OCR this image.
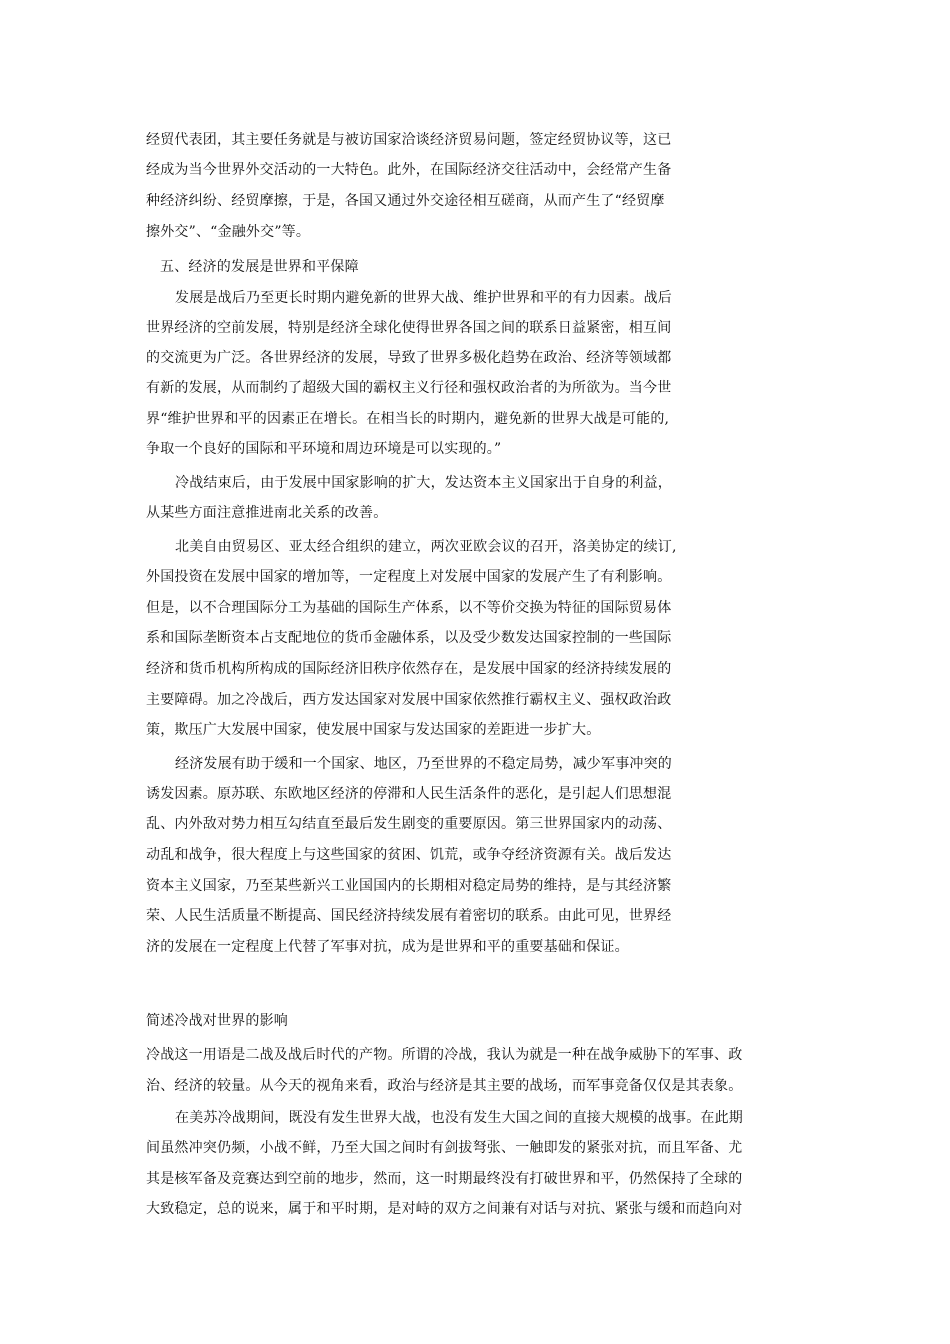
经贸代表团，其主要任务就是与被访国家洽谈经济贸易问题，签定经贸协议等，这已
经成为当今世界外交活动的一大特色。此外，在国际经济交往活动中，会经常产生备
种经济纠纷、经贸摩擦，于是，各国又通过外交途径相互磋商，从而产生了“经贸摩
擦外交”、“金融外交”等。
五、经济的发展是世界和平保障
发展是战后乃至更长时期内避免新的世界大战、维护世界和平的有力因素。战后
世界经济的空前发展，特别是经济全球化使得世界各国之间的联系日益紧密，相互间
的交流更为广泛。各世界经济的发展，导致了世界多极化趋势在政治、经济等领域都
有新的发展，从而制约了超级大国的霸权主义行径和强权政治者的为所欲为。当今世
界“维护世界和平的因素正在增长。在相当长的时期内，避免新的世界大战是可能的,
争取一个良好的国际和平环境和周边环境是可以实现的。”
冷战结束后，由于发展中国家影响的扩大，发达资本主义国家出于自身的利益，
从某些方面注意推进南北关系的改善。
北美自由贸易区、亚太经合组织的建立，两次亚欧会议的召开，洛美协定的续订,
外国投资在发展中国家的增加等，一定程度上对发展中国家的发展产生了有利影响。
但是，以不合理国际分工为基础的国际生产体系，以不等价交换为特征的国际贸易体
系和国际垄断资本占支配地位的货币金融体系，以及受少数发达国家控制的一些国际
经济和货币机构所构成的国际经济旧秩序依然存在，是发展中国家的经济持续发展的
主要障碍。加之冷战后，西方发达国家对发展中国家依然推行霸权主义、强权政治政
策，欺压广大发展中国家，使发展中国家与发达国家的差距进一步扩大。
经济发展有助于缓和一个国家、地区，乃至世界的不稳定局势，减少军事冲突的
诱发因素。原苏联、东欧地区经济的停滞和人民生活条件的恶化，是引起人们思想混
乱、内外敌对势力相互勾结直至最后发生剧变的重要原因。第三世界国家内的动荡、
动乱和战争，很大程度上与这些国家的贫困、饥荒，或争夺经济资源有关。战后发达
资本主义国家，乃至某些新兴工业国国内的长期相对稳定局势的维持，是与其经济繁
荣、人民生活质量不断提高、国民经济持续发展有着密切的联系。由此可见，世界经
济的发展在一定程度上代替了军事对抗，成为是世界和平的重要基础和保证。
简述冷战对世界的影响
冷战这一用语是二战及战后时代的产物。所谓的冷战，我认为就是一种在战争威胁下的军事、政
治、经济的较量。从今天的视角来看，政治与经济是其主要的战场，而军事竞备仅仅是其表象。
在美苏冷战期间，既没有发生世界大战，也没有发生大国之间的直接大规模的战事。在此期
间虽然冲突仍频，小战不鲜，乃至大国之间时有剑拔弩张、一触即发的紧张对抗，而且军备、尤
其是核军备及竞赛达到空前的地步，然而，这一时期最终没有打破世界和平，仍然保持了全球的
大致稳定，总的说来，属于和平时期，是对峙的双方之间兼有对话与对抗、紧张与缓和而趋向对
